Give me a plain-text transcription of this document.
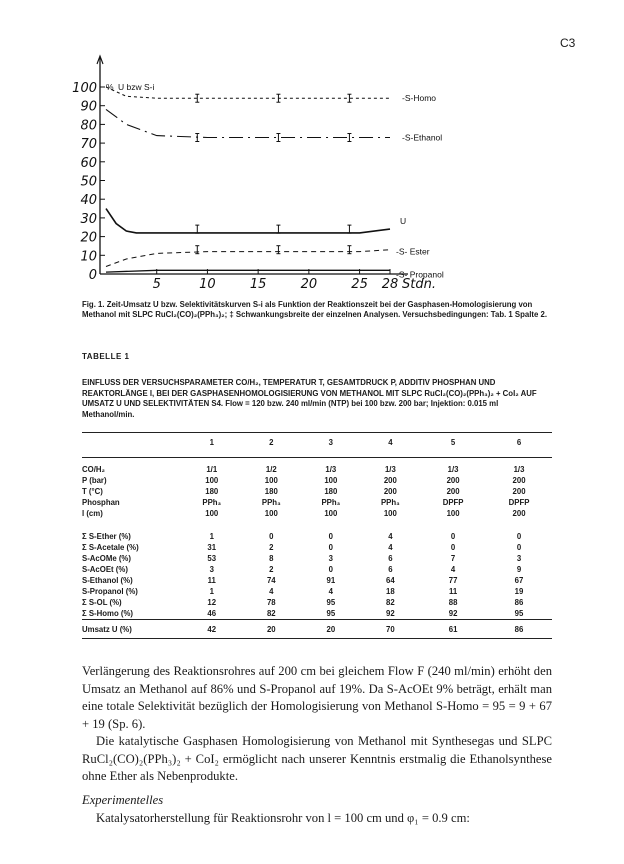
C3
100
90
80
70
60
50
40
30
20
10
0
5	10	15	20	25 28 Stdn.
% U bzw S-i
-S-Homo
-S-Ethanol
U
-S- Ester
-S- Propanol
Fig. 1. Zeit-Umsatz U bzw. Selektivitätskurven S-i als Funktion der Reaktionszeit bei der Gasphasen-Homologisierung von Methanol mit SLPC RuCl₂(CO)₂(PPh₃)₂; ‡ Schwankungsbreite der einzelnen Analysen. Versuchsbedingungen: Tab. 1 Spalte 2.
TABELLE 1
EINFLUSS DER VERSUCHSPARAMETER CO/H₂, TEMPERATUR T, GESAMTDRUCK P, ADDITIV PHOSPHAN UND REAKTORLÄNGE l, BEI DER GASPHASENHOMOLOGISIERUNG VON METHANOL MIT SLPC RuCl₂(CO)₂(PPh₃)₂ + CoI₂ AUF UMSATZ U UND SELEKTIVITÄTEN S4. Flow = 120 bzw. 240 ml/min (NTP) bei 100 bzw. 200 bar; Injektion: 0.015 ml Methanol/min.
	1	2	3	4	5	6

CO/H₂	1/1	1/2	1/3	1/3	1/3	1/3
P (bar)	100	100	100	200	200	200
T (°C)	180	180	180	200	200	200
Phosphan	PPh₃	PPh₃	PPh₃	PPh₃	DPFP	DPFP
l (cm)	100	100	100	100	100	200

Σ S-Ether (%)	1	0	0	4	0	0
Σ S-Acetale (%)	31	2	0	4	0	0
S-AcOMe (%)	53	8	3	6	7	3
S-AcOEt (%)	3	2	0	6	4	9
S-Ethanol (%)	11	74	91	64	77	67
S-Propanol (%)	1	4	4	18	11	19
Σ S-OL (%)	12	78	95	82	88	86
Σ S-Homo (%)	46	82	95	92	92	95
Umsatz U (%)	42	20	20	70	61	86

Verlängerung des Reaktionsrohres auf 200 cm bei gleichem Flow F (240 ml/min) erhöht den Umsatz an Methanol auf 86% und S-Propanol auf 19%. Da S-AcOEt 9% beträgt, erhält man eine totale Selektivität bezüglich der Homologisierung von Methanol S-Homo = 95 = 9 + 67 + 19 (Sp. 6).

Die katalytische Gasphasen Homologisierung von Methanol mit Synthesegas und SLPC RuCl₂(CO)₂(PPh₃)₂ + CoI₂ ermöglicht nach unserer Kenntnis erstmalig die Ethanolsynthese ohne Ether als Nebenprodukte.

Experimentelles
Katalysatorherstellung für Reaktionsrohr von l = 100 cm und φ₁ = 0.9 cm:
